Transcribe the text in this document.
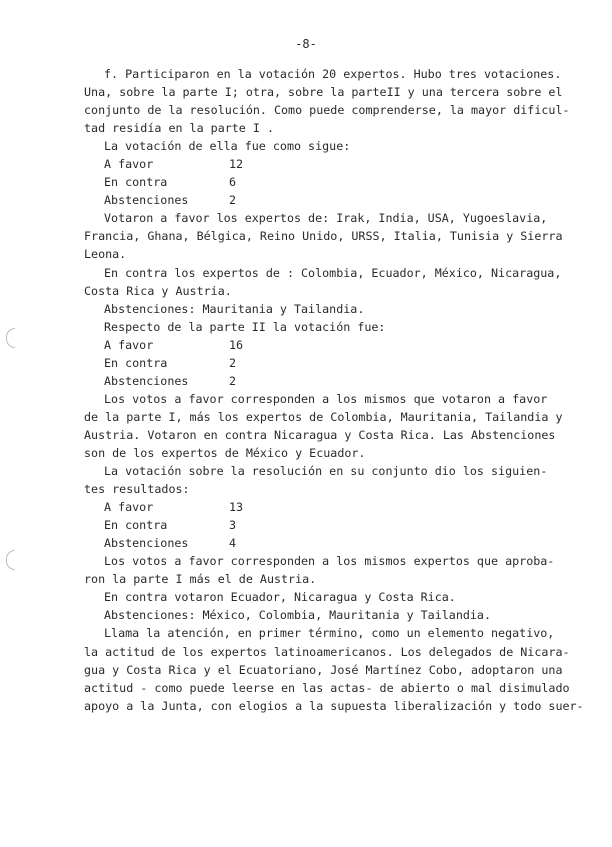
-8-
f. Participaron en la votación 20 expertos. Hubo tres votaciones.
Una, sobre la parte I; otra, sobre la parteII y una tercera sobre el
conjunto de la resolución. Como puede comprenderse, la mayor dificul-
tad residía en la parte I .
La votación de ella fue como sigue:
A favor	12
En contra	6
Abstenciones	2
Votaron a favor los expertos de: Irak, India, USA, Yugoeslavia,
Francia, Ghana, Bélgica, Reino Unido, URSS, Italia, Tunisia y Sierra
Leona.
En contra los expertos de : Colombia, Ecuador, México, Nicaragua,
Costa Rica y Austria.
Abstenciones: Mauritania y Tailandia.
Respecto de la parte II la votación fue:
A favor	16
En contra	2
Abstenciones	2
Los votos a favor corresponden a los mismos que votaron a favor
de la parte I, más los expertos de Colombia, Mauritania, Tailandia y
Austria. Votaron en contra Nicaragua y Costa Rica. Las Abstenciones
son de los expertos de México y Ecuador.
La votación sobre la resolución en su conjunto dio los siguien-
tes resultados:
A favor	13
En contra	3
Abstenciones	4
Los votos a favor corresponden a los mismos expertos que aproba-
ron la parte I más el de Austria.
En contra votaron Ecuador, Nicaragua y Costa Rica.
Abstenciones: México, Colombia, Mauritania y Tailandia.
Llama la atención, en primer término, como un elemento negativo,
la actitud de los expertos latinoamericanos. Los delegados de Nicara-
gua y Costa Rica y el Ecuatoriano, José Martínez Cobo, adoptaron una
actitud - como puede leerse en las actas- de abierto o mal disimulado
apoyo a la Junta, con elogios a la supuesta liberalización y todo suer-
